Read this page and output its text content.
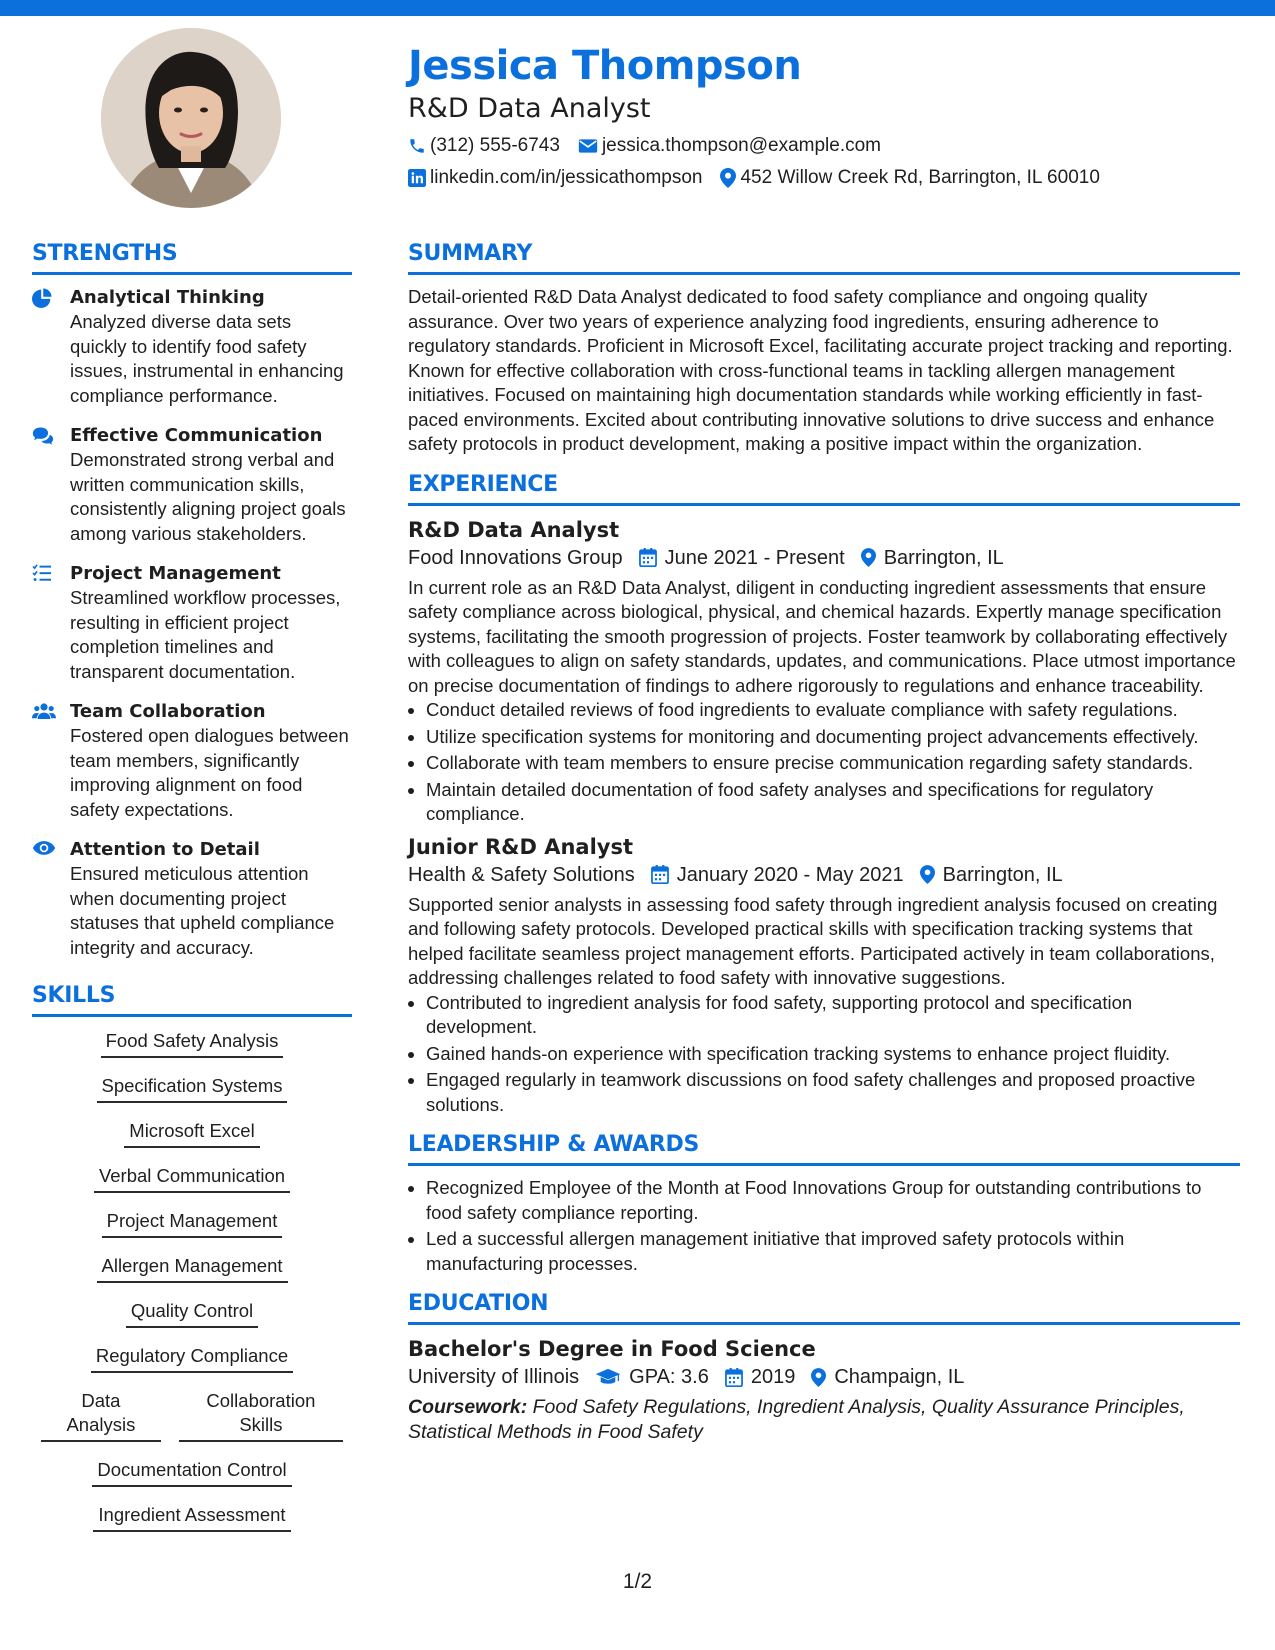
Jessica Thompson
R&D Data Analyst
(312) 555-6743 jessica.thompson@example.com
linkedin.com/in/jessicathompson 452 Willow Creek Rd, Barrington, IL 60010
STRENGTHS
Analytical Thinking
Analyzed diverse data sets quickly to identify food safety issues, instrumental in enhancing compliance performance.
Effective Communication
Demonstrated strong verbal and written communication skills, consistently aligning project goals among various stakeholders.
Project Management
Streamlined workflow processes, resulting in efficient project completion timelines and transparent documentation.
Team Collaboration
Fostered open dialogues between team members, significantly improving alignment on food safety expectations.
Attention to Detail
Ensured meticulous attention when documenting project statuses that upheld compliance integrity and accuracy.
SKILLS
Food Safety Analysis
Specification Systems
Microsoft Excel
Verbal Communication
Project Management
Allergen Management
Quality Control
Regulatory Compliance
Data Analysis
Collaboration Skills
Documentation Control
Ingredient Assessment
SUMMARY
Detail-oriented R&D Data Analyst dedicated to food safety compliance and ongoing quality assurance. Over two years of experience analyzing food ingredients, ensuring adherence to regulatory standards. Proficient in Microsoft Excel, facilitating accurate project tracking and reporting. Known for effective collaboration with cross-functional teams in tackling allergen management initiatives. Focused on maintaining high documentation standards while working efficiently in fast-paced environments. Excited about contributing innovative solutions to drive success and enhance safety protocols in product development, making a positive impact within the organization.
EXPERIENCE
R&D Data Analyst
Food Innovations Group June 2021 - Present Barrington, IL
In current role as an R&D Data Analyst, diligent in conducting ingredient assessments that ensure safety compliance across biological, physical, and chemical hazards. Expertly manage specification systems, facilitating the smooth progression of projects. Foster teamwork by collaborating effectively with colleagues to align on safety standards, updates, and communications. Place utmost importance on precise documentation of findings to adhere rigorously to regulations and enhance traceability.
• Conduct detailed reviews of food ingredients to evaluate compliance with safety regulations.
• Utilize specification systems for monitoring and documenting project advancements effectively.
• Collaborate with team members to ensure precise communication regarding safety standards.
• Maintain detailed documentation of food safety analyses and specifications for regulatory compliance.
Junior R&D Analyst
Health & Safety Solutions January 2020 - May 2021 Barrington, IL
Supported senior analysts in assessing food safety through ingredient analysis focused on creating and following safety protocols. Developed practical skills with specification tracking systems that helped facilitate seamless project management efforts. Participated actively in team collaborations, addressing challenges related to food safety with innovative suggestions.
• Contributed to ingredient analysis for food safety, supporting protocol and specification development.
• Gained hands-on experience with specification tracking systems to enhance project fluidity.
• Engaged regularly in teamwork discussions on food safety challenges and proposed proactive solutions.
LEADERSHIP & AWARDS
• Recognized Employee of the Month at Food Innovations Group for outstanding contributions to food safety compliance reporting.
• Led a successful allergen management initiative that improved safety protocols within manufacturing processes.
EDUCATION
Bachelor's Degree in Food Science
University of Illinois	GPA: 3.6 2019 Champaign, IL
Coursework: Food Safety Regulations, Ingredient Analysis, Quality Assurance Principles, Statistical Methods in Food Safety
1/2
